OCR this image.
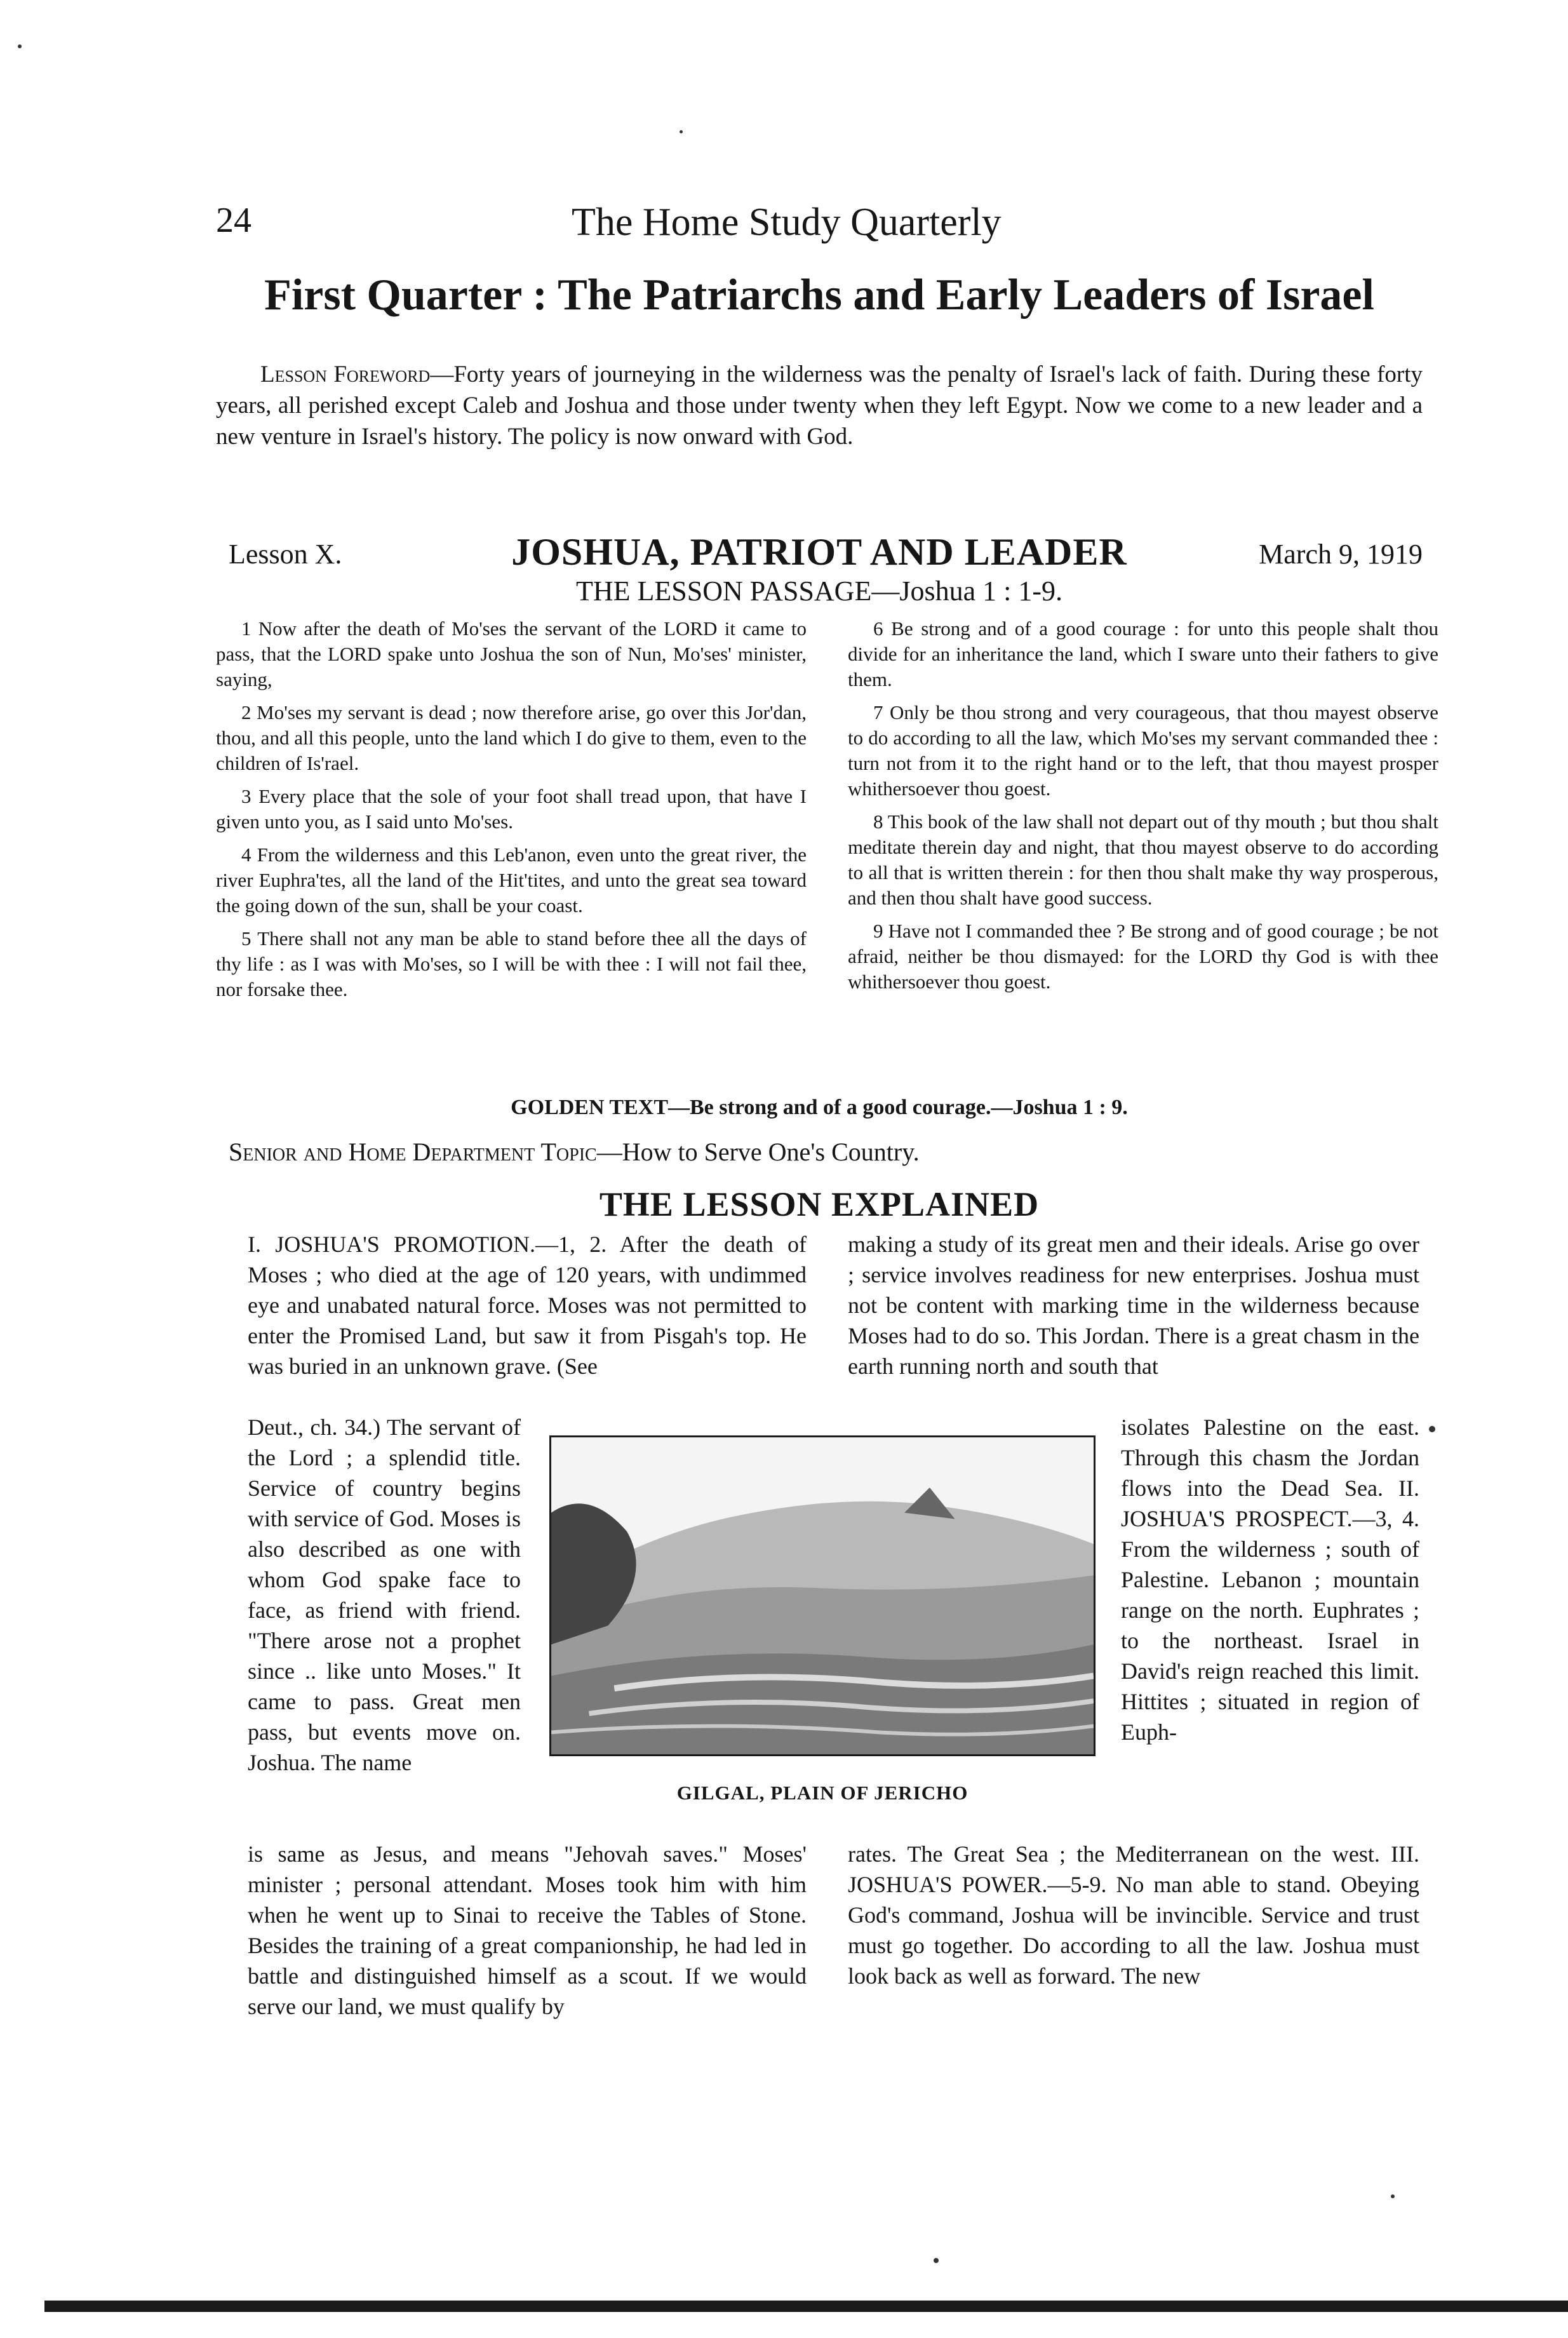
24	The Home Study Quarterly
First Quarter : The Patriarchs and Early Leaders of Israel
Lesson Foreword—Forty years of journeying in the wilderness was the penalty of Israel's lack of faith. During these forty years, all perished except Caleb and Joshua and those under twenty when they left Egypt. Now we come to a new leader and a new venture in Israel's history. The policy is now onward with God.
JOSHUA, PATRIOT AND LEADER
Lesson X.	March 9, 1919
THE LESSON PASSAGE—Joshua 1 : 1-9.

1 Now after the death of Mo'ses the servant of the LORD it came to pass, that the LORD spake unto Joshua the son of Nun, Mo'ses' minister, saying,

2 Mo'ses my servant is dead ; now therefore arise, go over this Jor'dan, thou, and all this people, unto the land which I do give to them, even to the children of Is'rael.

3 Every place that the sole of your foot shall tread upon, that have I given unto you, as I said unto Mo'ses.

4 From the wilderness and this Leb'anon, even unto the great river, the river Euphra'tes, all the land of the Hit'tites, and unto the great sea toward the going down of the sun, shall be your coast.

5 There shall not any man be able to stand before thee all the days of thy life : as I was with Mo'ses, so I will be with thee : I will not fail thee, nor forsake thee.

6 Be strong and of a good courage : for unto this people shalt thou divide for an inheritance the land, which I sware unto their fathers to give them.

7 Only be thou strong and very courageous, that thou mayest observe to do according to all the law, which Mo'ses my servant commanded thee : turn not from it to the right hand or to the left, that thou mayest prosper whithersoever thou goest.

8 This book of the law shall not depart out of thy mouth ; but thou shalt meditate therein day and night, that thou mayest observe to do according to all that is written therein : for then thou shalt make thy way prosperous, and then thou shalt have good success.

9 Have not I commanded thee ? Be strong and of good courage ; be not afraid, neither be thou dismayed: for the LORD thy God is with thee whithersoever thou goest.

GOLDEN TEXT—Be strong and of a good courage.—Joshua 1 : 9.
Senior and Home Department Topic—How to Serve One's Country.
THE LESSON EXPLAINED

I. JOSHUA'S PROMOTION.—1, 2. After the death of Moses ; who died at the age of 120 years, with undimmed eye and unabated natural force. Moses was not permitted to enter the Promised Land, but saw it from Pisgah's top. He was buried in an unknown grave. (See

Deut., ch. 34.) The servant of the Lord ; a splendid title. Service of country begins with service of God. Moses is also described as one with whom God spake face to face, as friend with friend. "There arose not a prophet since .. like unto Moses." It came to pass. Great men pass, but events move on. Joshua. The name

GILGAL, PLAIN OF JERICHO

is same as Jesus, and means "Jehovah saves." Moses' minister ; personal attendant. Moses took him with him when he went up to Sinai to receive the Tables of Stone. Besides the training of a great companionship, he had led in battle and distinguished himself as a scout. If we would serve our land, we must qualify by

making a study of its great men and their ideals. Arise go over ; service involves readiness for new enterprises. Joshua must not be content with marking time in the wilderness because Moses had to do so. This Jordan. There is a great chasm in the earth running north and south that

isolates Palestine on the east. Through this chasm the Jordan flows into the Dead Sea. II. JOSHUA'S PROSPECT.—3, 4. From the wilderness ; south of Palestine. Lebanon ; mountain range on the north. Euphrates ; to the northeast. Israel in David's reign reached this limit. Hittites ; situated in region of Euph-

rates. The Great Sea ; the Mediterranean on the west. III. JOSHUA'S POWER.—5-9. No man able to stand. Obeying God's command, Joshua will be invincible. Service and trust must go together. Do according to all the law. Joshua must look back as well as forward. The new
